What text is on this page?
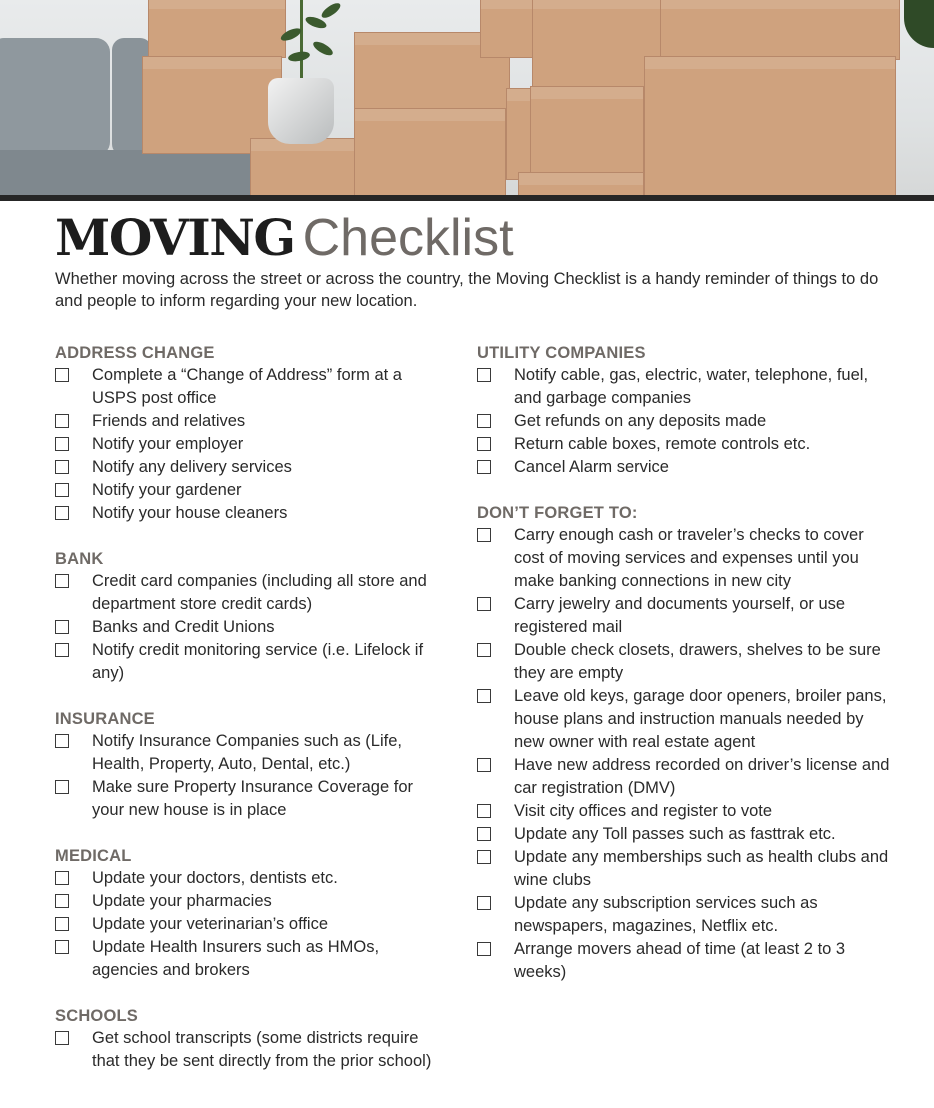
MOVING Checklist

Whether moving across the street or across the country, the Moving Checklist is a handy reminder of things to do and people to inform regarding your new location.

ADDRESS CHANGE
Complete a “Change of Address” form at a USPS post office
Friends and relatives
Notify your employer
Notify any delivery services
Notify your gardener
Notify your house cleaners
BANK
Credit card companies (including all store and department store credit cards)
Banks and Credit Unions
Notify credit monitoring service (i.e. Lifelock if any)
INSURANCE
Notify Insurance Companies such as (Life, Health, Property, Auto, Dental, etc.)
Make sure Property Insurance Coverage for your new house is in place
MEDICAL
Update your doctors, dentists etc.
Update your pharmacies
Update your veterinarian’s office
Update Health Insurers such as HMOs, agencies and brokers
SCHOOLS
Get school transcripts (some districts require that they be sent directly from the prior school)
UTILITY COMPANIES
Notify cable, gas, electric, water, telephone, fuel, and garbage companies
Get refunds on any deposits made
Return cable boxes, remote controls etc.
Cancel Alarm service
DON’T FORGET TO:
Carry enough cash or traveler’s checks to cover cost of moving services and expenses until you make banking connections in new city
Carry jewelry and documents yourself, or use registered mail
Double check closets, drawers, shelves to be sure they are empty
Leave old keys, garage door openers, broiler pans, house plans and instruction manuals needed by new owner with real estate agent
Have new address recorded on driver’s license and car registration (DMV)
Visit city offices and register to vote
Update any Toll passes such as fasttrak etc.
Update any memberships such as health clubs and wine clubs
Update any subscription services such as newspapers, magazines, Netflix etc.
Arrange movers ahead of time (at least 2 to 3 weeks)
